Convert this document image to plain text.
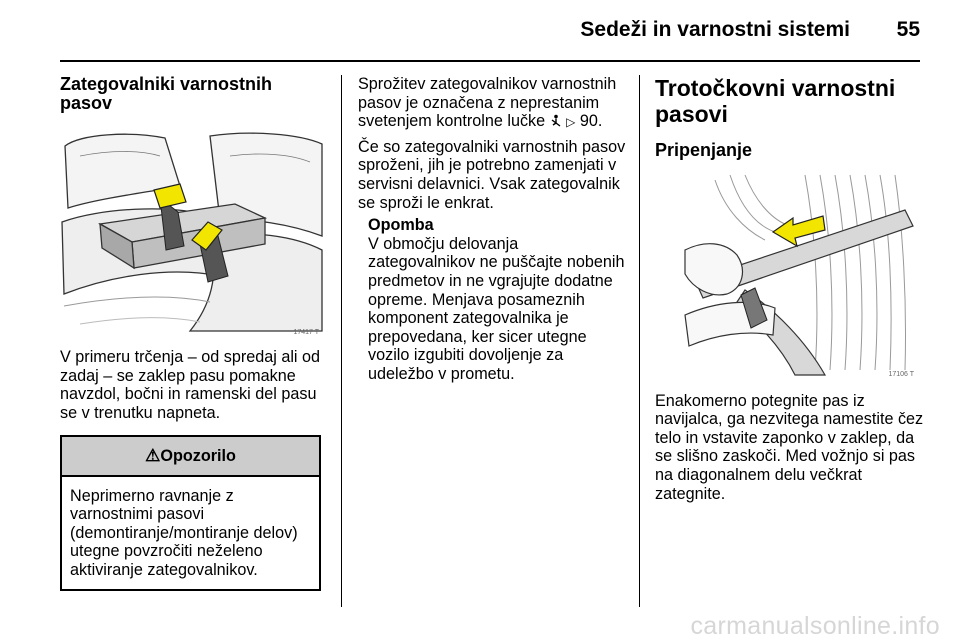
Sedeži in varnostni sistemi	55
Zategovalniki varnostnih pasov
17417 T

V primeru trčenja – od spredaj ali od zadaj – se zaklep pasu pomakne navzdol, bočni in ramenski del pasu se v trenutku napneta.

⚠Opozorilo
Neprimerno ravnanje z varnostnimi pasovi (demontiranje/montiranje delov) utegne povzročiti neželeno aktiviranje zategovalnikov.

Sprožitev zategovalnikov varnostnih pasov je označena z neprestanim svetenjem kontrolne lučke ▷ 90.

Če so zategovalniki varnostnih pasov sproženi, jih je potrebno zamenjati v servisni delavnici. Vsak zategovalnik se sproži le enkrat.

Opomba
V območju delovanja zategovalnikov ne puščajte nobenih predmetov in ne vgrajujte dodatne opreme. Menjava posameznih komponent zategovalnika je prepovedana, ker sicer utegne vozilo izgubiti dovoljenje za udeležbo v prometu.
Trotočkovni varnostni pasovi
Pripenjanje
17106 T

Enakomerno potegnite pas iz navijalca, ga nezvitega namestite čez telo in vstavite zaponko v zaklep, da se slišno zaskoči. Med vožnjo si pas na diagonalnem delu večkrat zategnite.

carmanualsonline.info
